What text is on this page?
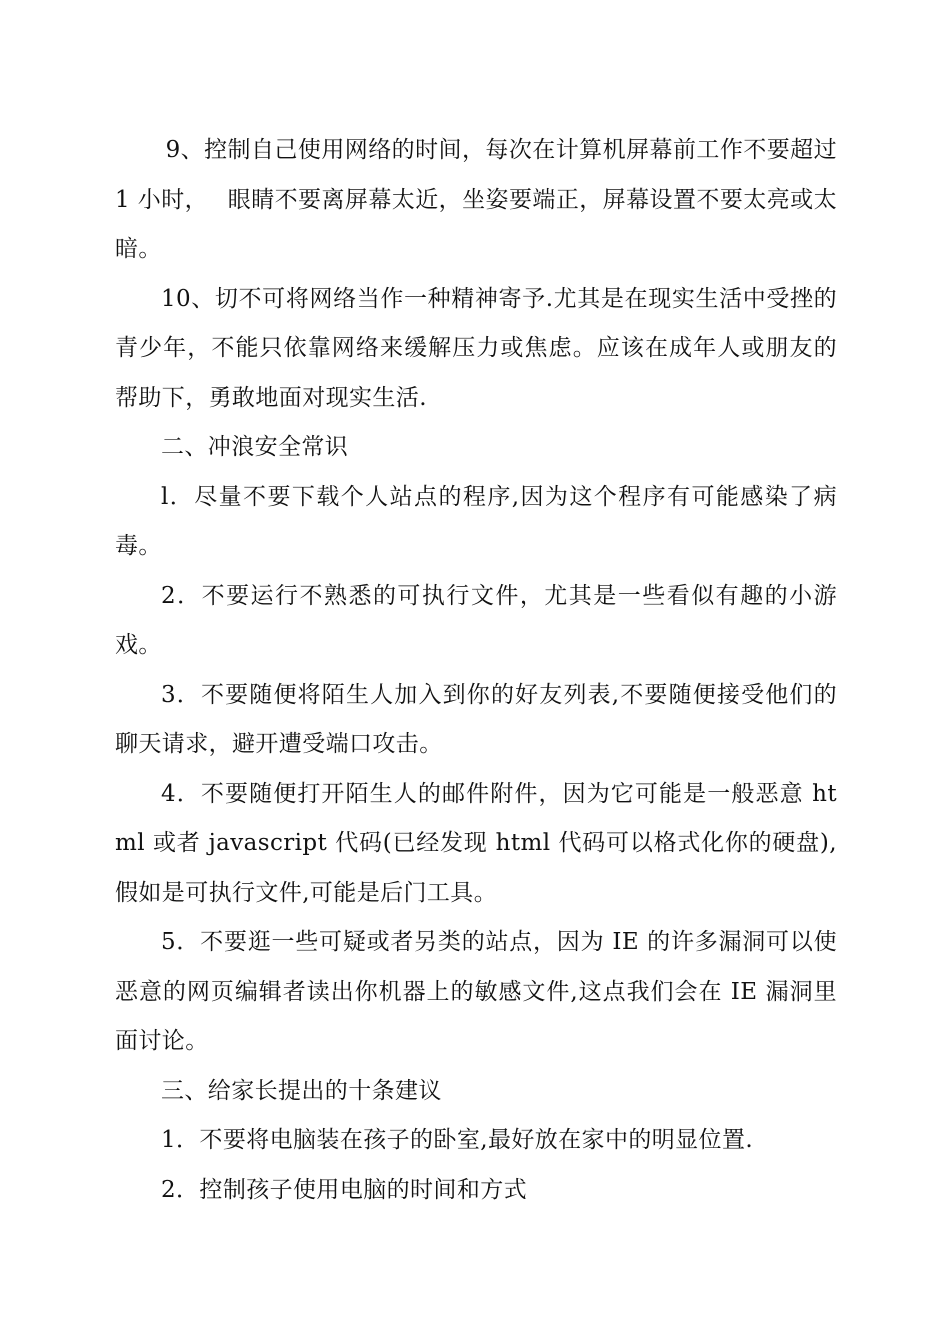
9、控制自己使用网络的时间，每次在计算机屏幕前工作不要超过 1 小时，　 眼睛不要离屏幕太近，坐姿要端正，屏幕设置不要太亮或太暗。

10、切不可将网络当作一种精神寄予.尤其是在现实生活中受挫的青少年，不能只依靠网络来缓解压力或焦虑。应该在成年人或朋友的帮助下，勇敢地面对现实生活.

二、冲浪安全常识

l．尽量不要下载个人站点的程序,因为这个程序有可能感染了病毒。

2．不要运行不熟悉的可执行文件，尤其是一些看似有趣的小游戏。

3．不要随便将陌生人加入到你的好友列表,不要随便接受他们的聊天请求，避开遭受端口攻击。

4．不要随便打开陌生人的邮件附件，因为它可能是一般恶意 html 或者 javascript 代码(已经发现 html 代码可以格式化你的硬盘),假如是可执行文件,可能是后门工具。

5．不要逛一些可疑或者另类的站点，因为 IE 的许多漏洞可以使恶意的网页编辑者读出你机器上的敏感文件,这点我们会在 IE 漏洞里面讨论。

三、给家长提出的十条建议

1．不要将电脑装在孩子的卧室,最好放在家中的明显位置.

2．控制孩子使用电脑的时间和方式
